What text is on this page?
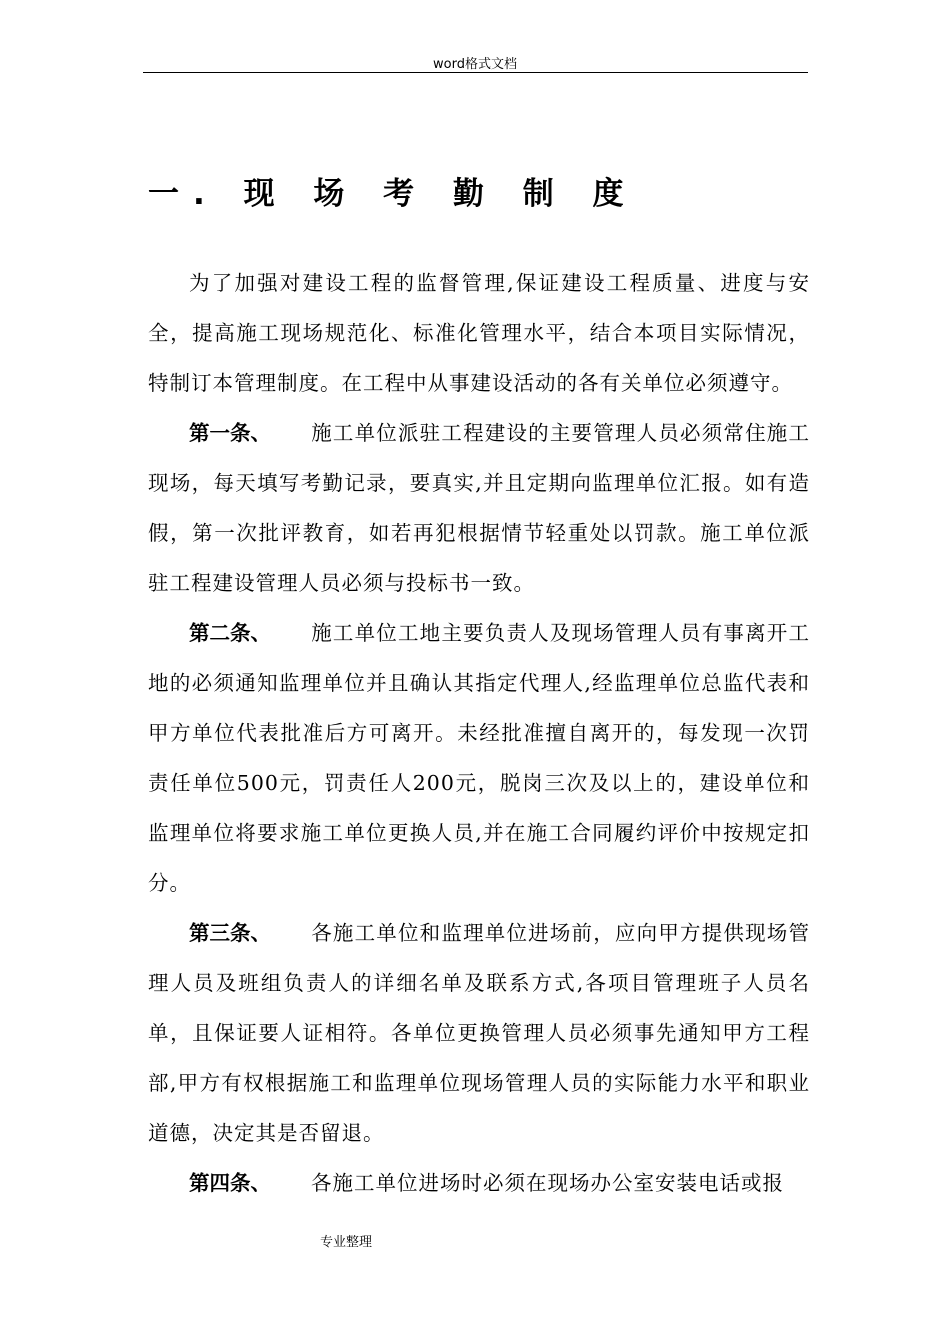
word格式文档
一. 现 场 考 勤 制 度

为了加强对建设工程的监督管理,保证建设工程质量、进度与安全，提高施工现场规范化、标准化管理水平，结合本项目实际情况，特制订本管理制度。在工程中从事建设活动的各有关单位必须遵守。

第一条、 施工单位派驻工程建设的主要管理人员必须常住施工现场，每天填写考勤记录，要真实,并且定期向监理单位汇报。如有造假，第一次批评教育，如若再犯根据情节轻重处以罚款。施工单位派驻工程建设管理人员必须与投标书一致。

第二条、 施工单位工地主要负责人及现场管理人员有事离开工地的必须通知监理单位并且确认其指定代理人,经监理单位总监代表和甲方单位代表批准后方可离开。未经批准擅自离开的，每发现一次罚责任单位500元，罚责任人200元，脱岗三次及以上的，建设单位和监理单位将要求施工单位更换人员,并在施工合同履约评价中按规定扣分。

第三条、 各施工单位和监理单位进场前，应向甲方提供现场管理人员及班组负责人的详细名单及联系方式,各项目管理班子人员名单，且保证要人证相符。各单位更换管理人员必须事先通知甲方工程部,甲方有权根据施工和监理单位现场管理人员的实际能力水平和职业道德，决定其是否留退。

第四条、 各施工单位进场时必须在现场办公室安装电话或报

专业整理
